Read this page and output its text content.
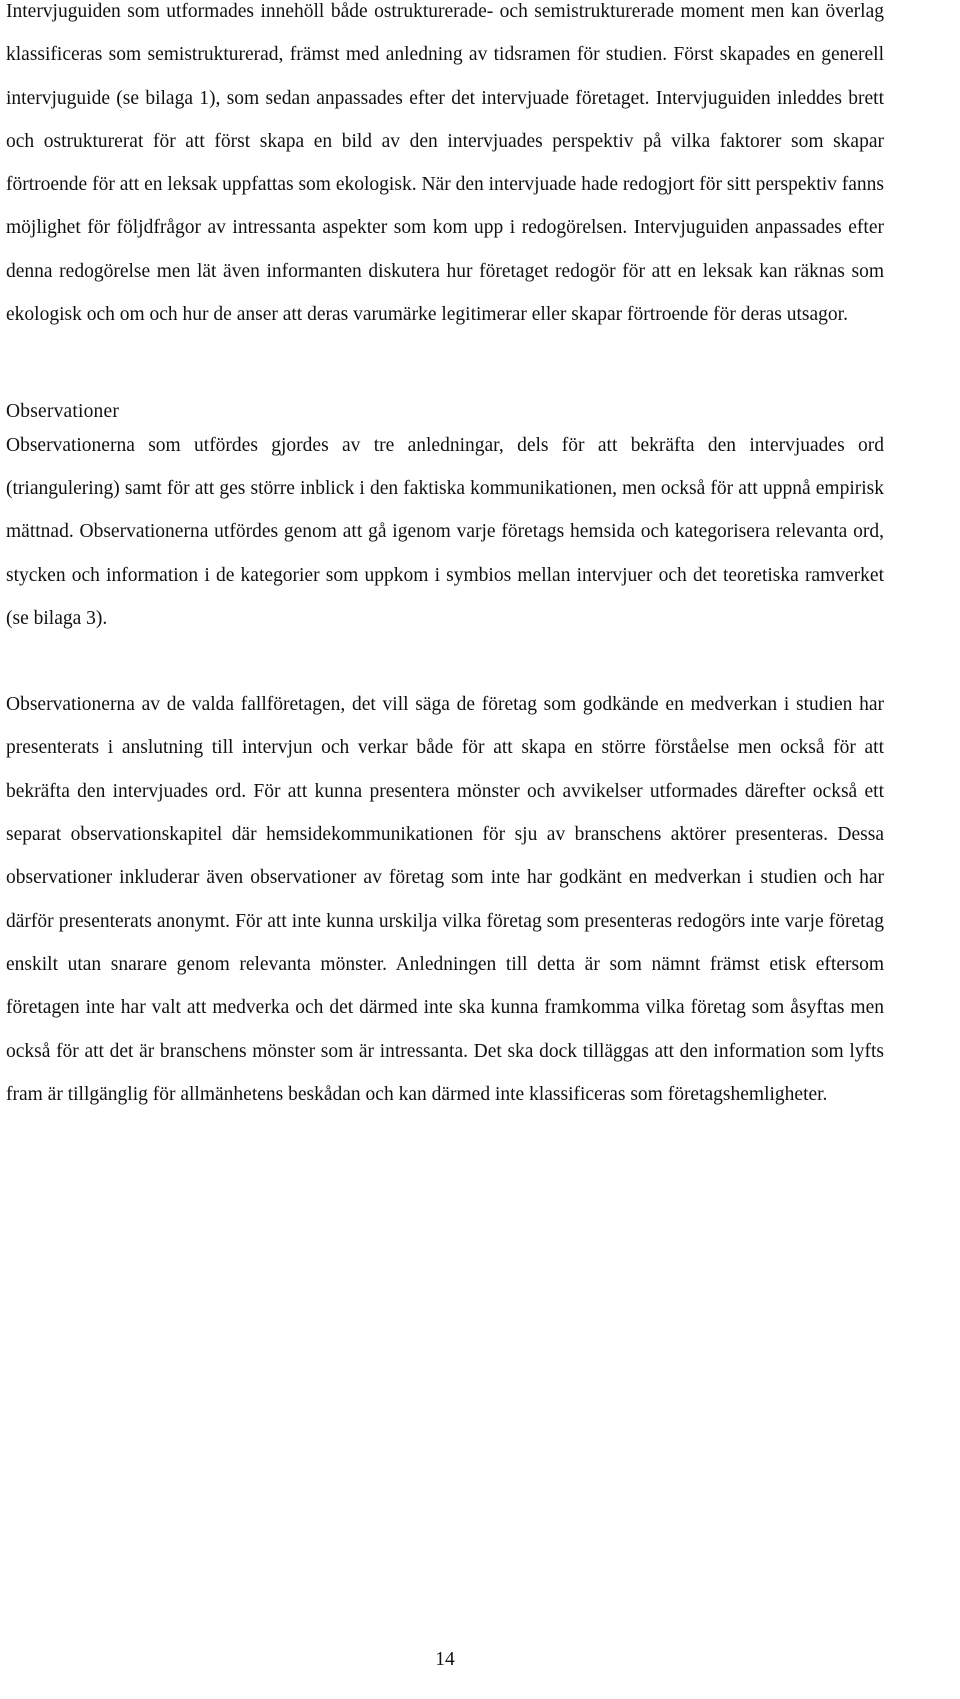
Intervjuguiden som utformades innehöll både ostrukturerade- och semistrukturerade moment men kan överlag klassificeras som semistrukturerad, främst med anledning av tidsramen för studien. Först skapades en generell intervjuguide (se bilaga 1), som sedan anpassades efter det intervjuade företaget. Intervjuguiden inleddes brett och ostrukturerat för att först skapa en bild av den intervjuades perspektiv på vilka faktorer som skapar förtroende för att en leksak uppfattas som ekologisk. När den intervjuade hade redogjort för sitt perspektiv fanns möjlighet för följdfrågor av intressanta aspekter som kom upp i redogörelsen. Intervjuguiden anpassades efter denna redogörelse men lät även informanten diskutera hur företaget redogör för att en leksak kan räknas som ekologisk och om och hur de anser att deras varumärke legitimerar eller skapar förtroende för deras utsagor.

Observationer

Observationerna som utfördes gjordes av tre anledningar, dels för att bekräfta den intervjuades ord (triangulering) samt för att ges större inblick i den faktiska kommunikationen, men också för att uppnå empirisk mättnad. Observationerna utfördes genom att gå igenom varje företags hemsida och kategorisera relevanta ord, stycken och information i de kategorier som uppkom i symbios mellan intervjuer och det teoretiska ramverket (se bilaga 3).

Observationerna av de valda fallföretagen, det vill säga de företag som godkände en medverkan i studien har presenterats i anslutning till intervjun och verkar både för att skapa en större förståelse men också för att bekräfta den intervjuades ord. För att kunna presentera mönster och avvikelser utformades därefter också ett separat observationskapitel där hemsidekommunikationen för sju av branschens aktörer presenteras. Dessa observationer inkluderar även observationer av företag som inte har godkänt en medverkan i studien och har därför presenterats anonymt. För att inte kunna urskilja vilka företag som presenteras redogörs inte varje företag enskilt utan snarare genom relevanta mönster. Anledningen till detta är som nämnt främst etisk eftersom företagen inte har valt att medverka och det därmed inte ska kunna framkomma vilka företag som åsyftas men också för att det är branschens mönster som är intressanta. Det ska dock tilläggas att den information som lyfts fram är tillgänglig för allmänhetens beskådan och kan därmed inte klassificeras som företagshemligheter.

14
